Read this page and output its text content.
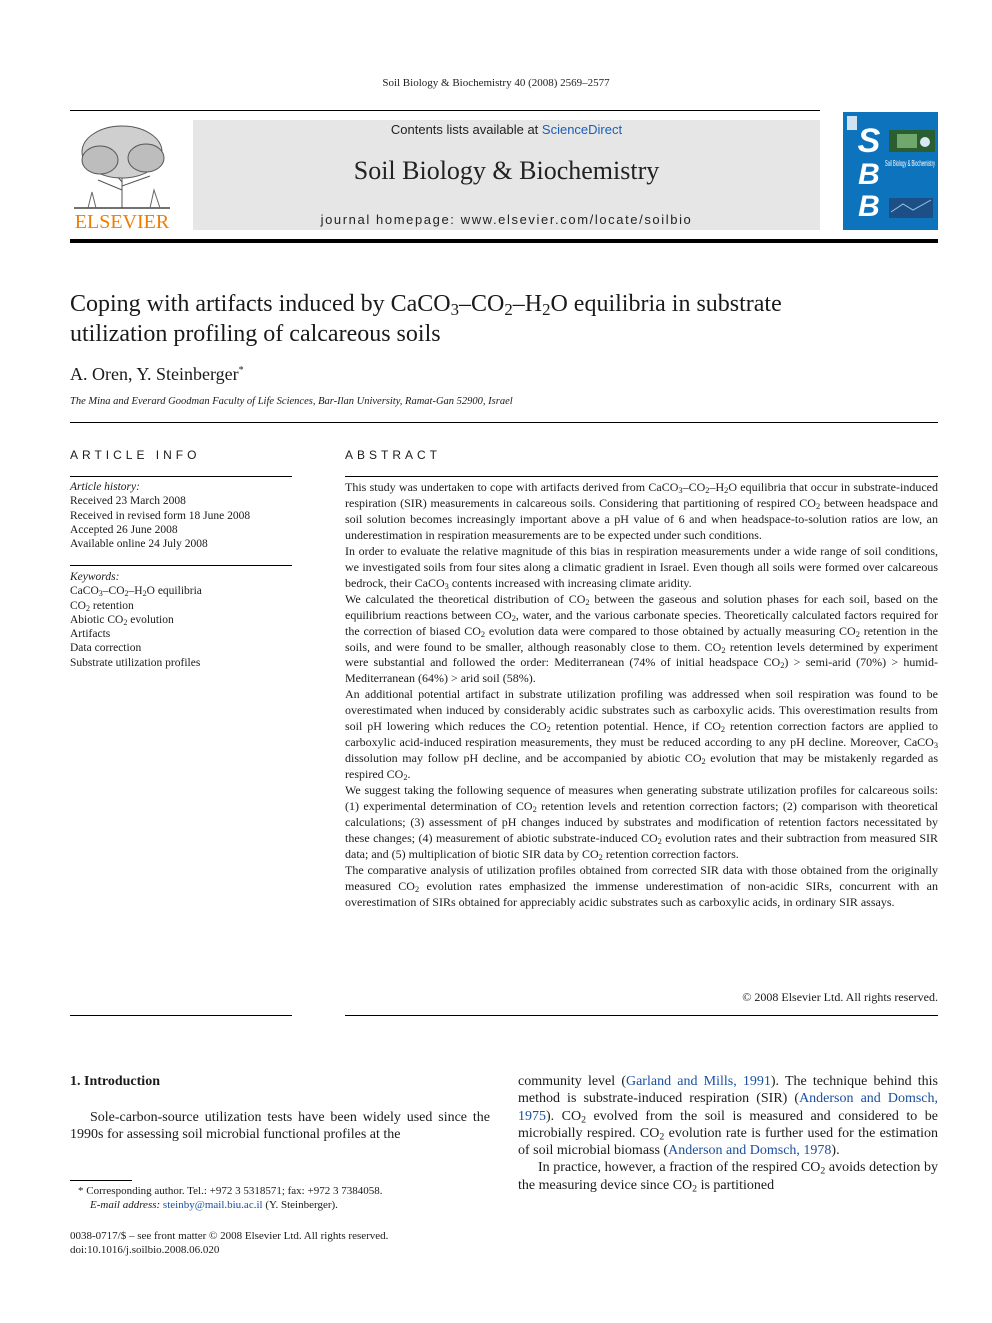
Soil Biology & Biochemistry 40 (2008) 2569–2577
ELSEVIER
Contents lists available at ScienceDirect
Soil Biology & Biochemistry
journal homepage: www.elsevier.com/locate/soilbio
S
B
B
Soil Biology & Biochemistry
Coping with artifacts induced by $CaCO_3-CO_2-H_2O$ equilibria in substrate
utilization profiling of calcareous soils
A. Oren, Y. Steinberger*
The Mina and Everard Goodman Faculty of Life Sciences, Bar-Ilan University, Ramat-Gan 52900, Israel
ARTICLE INFO
Article history:
Received 23 March 2008
Received in revised form 18 June 2008
Accepted 26 June 2008
Available online 24 July 2008
Keywords:
$CaCO_3-CO_2-H_2O$ equilibria
$CO_2$ retention
Abiotic $CO_2$ evolution
Artifacts
Data correction
Substrate utilization profiles
ABSTRACT

This study was undertaken to cope with artifacts derived from $CaCO_3-CO_2-H_2O$ equilibria that occur in substrate-induced respiration (SIR) measurements in calcareous soils. Considering that partitioning of respired $CO_2$ between headspace and soil solution becomes increasingly important above a pH value of 6 and when headspace-to-solution ratios are low, an underestimation in respiration measurements are to be expected under such conditions.

In order to evaluate the relative magnitude of this bias in respiration measurements under a wide range of soil conditions, we investigated soils from four sites along a climatic gradient in Israel. Even though all soils were formed over calcareous bedrock, their CaCO$_3$ contents increased with increasing climate aridity.

We calculated the theoretical distribution of $CO_2$ between the gaseous and solution phases for each soil, based on the equilibrium reactions between $CO_2$, water, and the various carbonate species. Theoretically calculated factors required for the correction of biased $CO_2$ evolution data were compared to those obtained by actually measuring $CO_2$ retention in the soils, and were found to be smaller, although reasonably close to them. $CO_2$ retention levels determined by experiment were substantial and followed the order: Mediterranean (74% of initial headspace $CO_2$) > semi-arid (70%) > humid-Mediterranean (64%) > arid soil (58%).

An additional potential artifact in substrate utilization profiling was addressed when soil respiration was found to be overestimated when induced by considerably acidic substrates such as carboxylic acids. This overestimation results from soil pH lowering which reduces the $CO_2$ retention potential. Hence, if $CO_2$ retention correction factors are applied to carboxylic acid-induced respiration measurements, they must be reduced according to any pH decline. Moreover, CaCO$_3$ dissolution may follow pH decline, and be accompanied by abiotic $CO_2$ evolution that may be mistakenly regarded as respired $CO_2$.

We suggest taking the following sequence of measures when generating substrate utilization profiles for calcareous soils: (1) experimental determination of $CO_2$ retention levels and retention correction factors; (2) comparison with theoretical calculations; (3) assessment of pH changes induced by substrates and modification of retention factors necessitated by these changes; (4) measurement of abiotic substrate-induced $CO_2$ evolution rates and their subtraction from measured SIR data; and (5) multiplication of biotic SIR data by $CO_2$ retention correction factors.

The comparative analysis of utilization profiles obtained from corrected SIR data with those obtained from the originally measured $CO_2$ evolution rates emphasized the immense underestimation of non-acidic SIRs, concurrent with an overestimation of SIRs obtained for appreciably acidic substrates such as carboxylic acids, in ordinary SIR assays.

© 2008 Elsevier Ltd. All rights reserved.
1. Introduction
Sole-carbon-source utilization tests have been widely used since the 1990s for assessing soil microbial functional profiles at the
community level (Garland and Mills, 1991). The technique behind this method is substrate-induced respiration (SIR) (Anderson and Domsch, 1975). $CO_2$ evolved from the soil is measured and considered to be microbially respired. $CO_2$ evolution rate is further used for the estimation of soil microbial biomass (Anderson and Domsch, 1978).
In practice, however, a fraction of the respired $CO_2$ avoids detection by the measuring device since $CO_2$ is partitioned
* Corresponding author. Tel.: +972 3 5318571; fax: +972 3 7384058.
E-mail address: steinby@mail.biu.ac.il (Y. Steinberger).
0038-0717/$ – see front matter © 2008 Elsevier Ltd. All rights reserved.
doi:10.1016/j.soilbio.2008.06.020
